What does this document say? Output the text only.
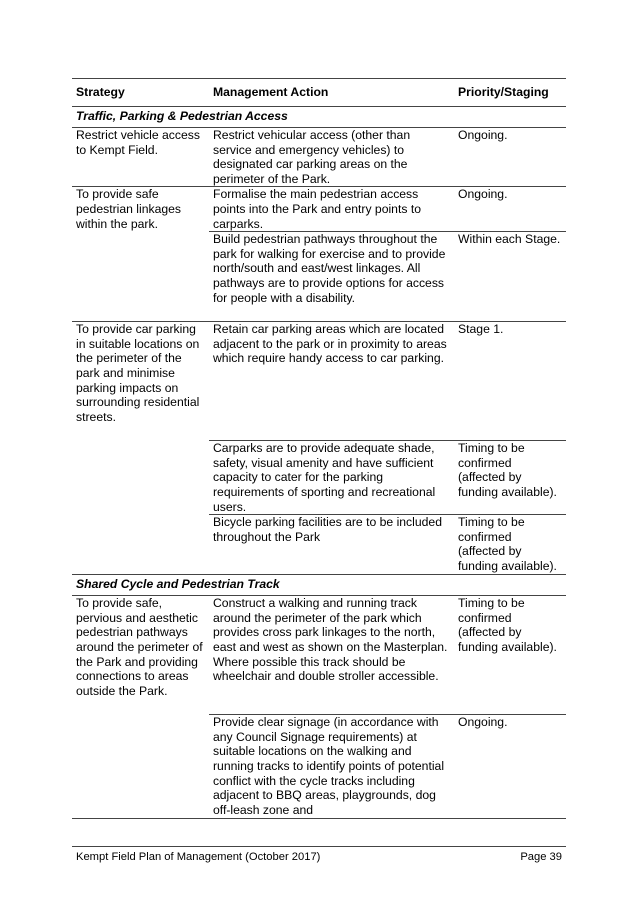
Strategy	Management Action	Priority/Staging
Traffic, Parking & Pedestrian Access		
Restrict vehicle access to Kempt Field.	Restrict vehicular access (other than service and emergency vehicles) to designated car parking areas on the perimeter of the Park.	Ongoing.
To provide safe pedestrian linkages within the park.	Formalise the main pedestrian access points into the Park and entry points to carparks.	Ongoing.
	Build pedestrian pathways throughout the park for walking for exercise and to provide north/south and east/west linkages. All pathways are to provide options for access for people with a disability.	Within each Stage.
To provide car parking in suitable locations on the perimeter of the park and minimise parking impacts on surrounding residential streets.	Retain car parking areas which are located adjacent to the park or in proximity to areas which require handy access to car parking.	Stage 1.
	Carparks are to provide adequate shade, safety, visual amenity and have sufficient capacity to cater for the parking requirements of sporting and recreational users.	Timing to be confirmed (affected by funding available).
	Bicycle parking facilities are to be included throughout the Park	Timing to be confirmed (affected by funding available).
Shared Cycle and Pedestrian Track		
To provide safe, pervious and aesthetic pedestrian pathways around the perimeter of the Park and providing connections to areas outside the Park.	Construct a walking and running track around the perimeter of the park which provides cross park linkages to the north, east and west as shown on the Masterplan. Where possible this track should be wheelchair and double stroller accessible.	Timing to be confirmed (affected by funding available).
	Provide clear signage (in accordance with any Council Signage requirements) at suitable locations on the walking and running tracks to identify points of potential conflict with the cycle tracks including adjacent to BBQ areas, playgrounds, dog off-leash zone and	Ongoing.
Kempt Field Plan of Management (October 2017)	Page 39
